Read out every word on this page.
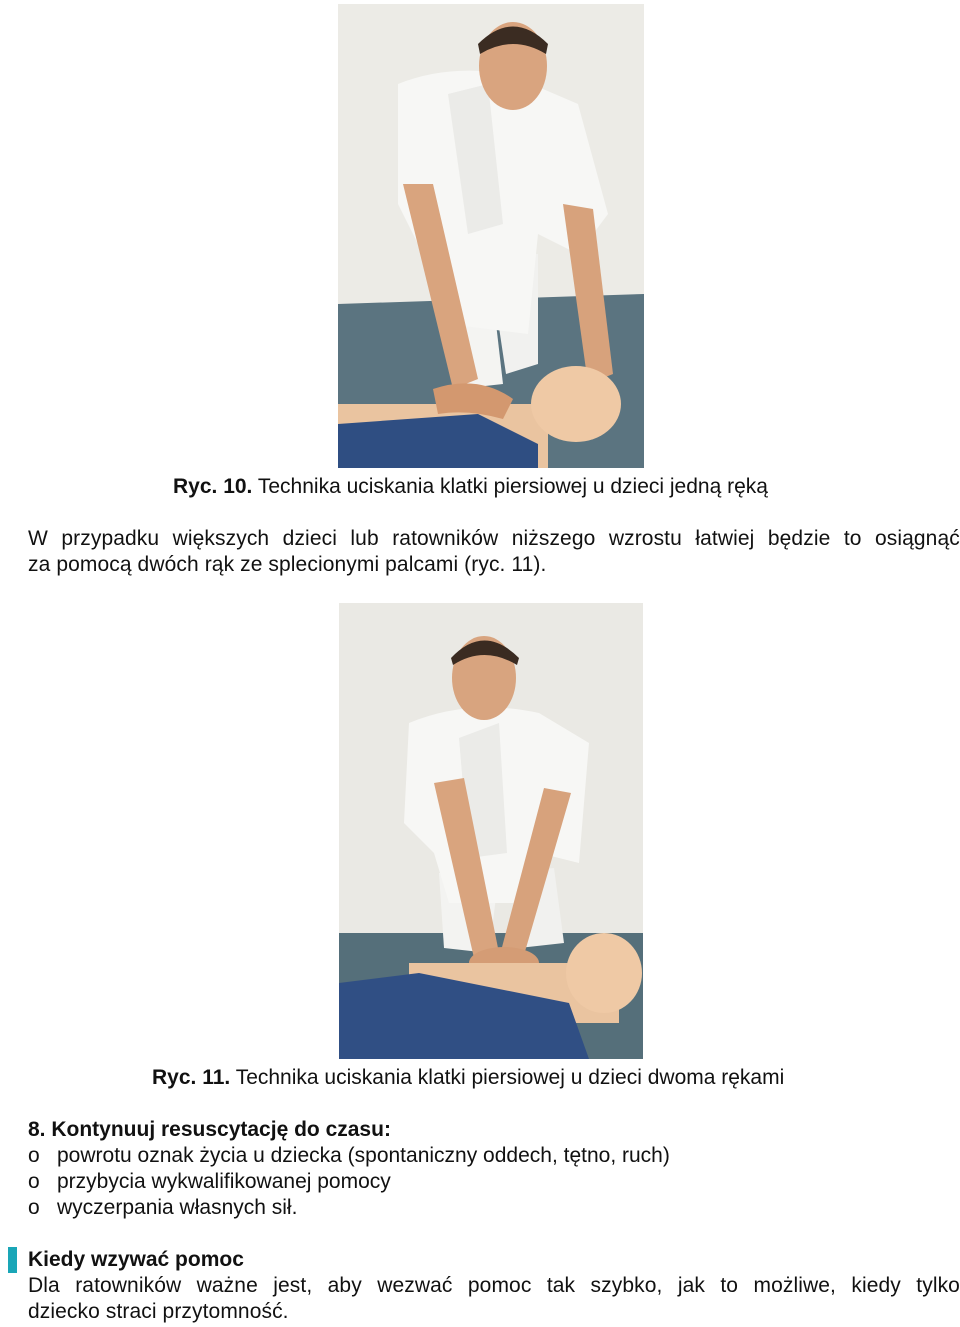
Ryc. 10. Technika uciskania klatki piersiowej u dzieci jedną ręką
W przypadku większych dzieci lub ratowników niższego wzrostu łatwiej będzie to osiągnąć
za pomocą dwóch rąk ze splecionymi palcami (ryc. 11).
Ryc. 11. Technika uciskania klatki piersiowej u dzieci dwoma rękami
8. Kontynuuj resuscytację do czasu:
o powrotu oznak życia u dziecka (spontaniczny oddech, tętno, ruch)
o przybycia wykwalifikowanej pomocy
o wyczerpania własnych sił.
Kiedy wzywać pomoc
Dla ratowników ważne jest, aby wezwać pomoc tak szybko, jak to możliwe, kiedy tylko
dziecko straci przytomność.
